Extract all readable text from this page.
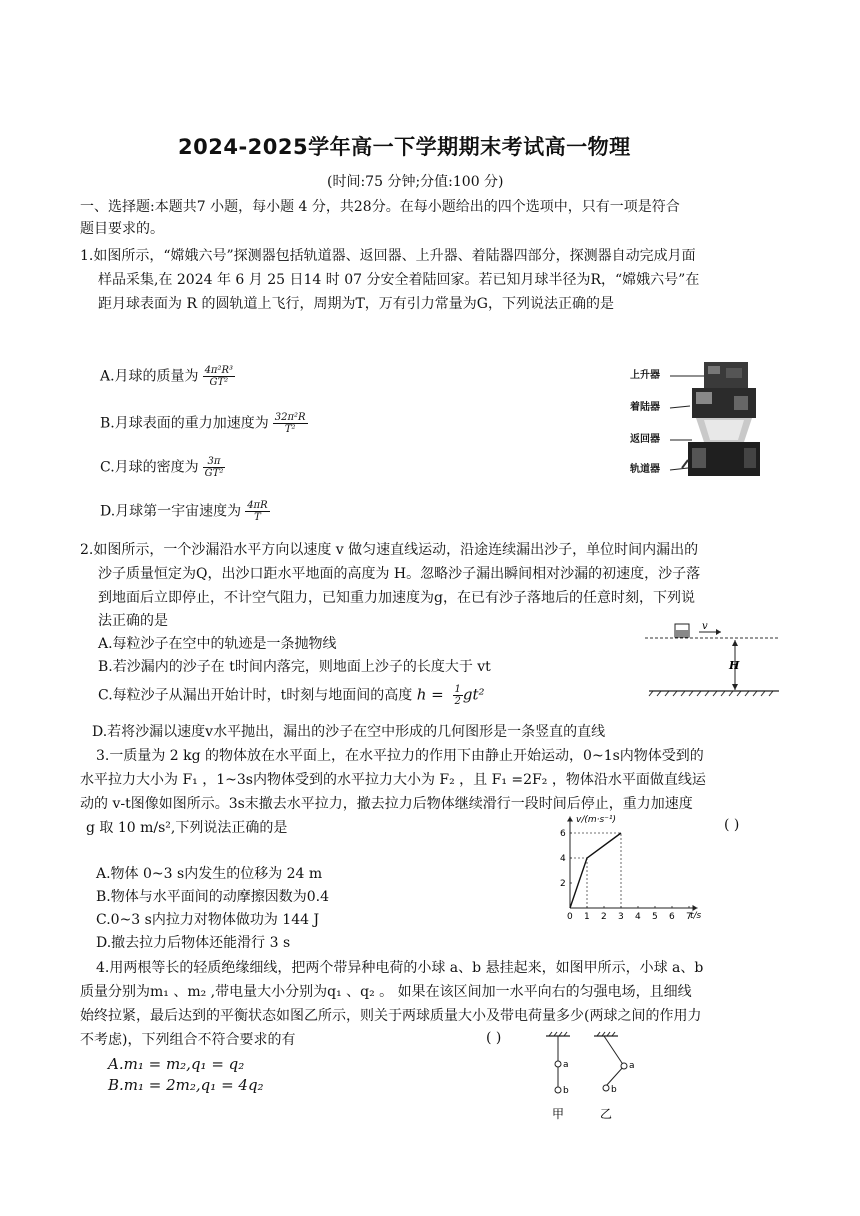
2024-2025学年高一下学期期末考试高一物理
(时间:75 分钟;分值:100 分)
一、选择题:本题共7 小题，每小题 4 分，共28分。在每小题给出的四个选项中，只有一项是符合
题目要求的。
1.如图所示，“嫦娥六号”探测器包括轨道器、返回器、上升器、着陆器四部分，探测器自动完成月面
样品采集,在 2024 年 6 月 25 日14 时 07 分安全着陆回家。若已知月球半径为R，“嫦娥六号”在
距月球表面为 R 的圆轨道上飞行，周期为T，万有引力常量为G，下列说法正确的是
A.月球的质量为 $\frac{\text{4π²R³}}{\text{GT²}}$
B.月球表面的重力加速度为 $\frac{\text{32π²R}}{\text{T²}}$
C.月球的密度为 $\frac{3\pi}{\text{GT²}}$
D.月球第一宇宙速度为 $\frac{4\pi R}{T}$
上升器
着陆器
返回器
轨道器
2.如图所示，一个沙漏沿水平方向以速度 v 做匀速直线运动，沿途连续漏出沙子，单位时间内漏出的
沙子质量恒定为Q，出沙口距水平地面的高度为 H。忽略沙子漏出瞬间相对沙漏的初速度，沙子落
到地面后立即停止，不计空气阻力，已知重力加速度为g，在已有沙子落地后的任意时刻，下列说
法正确的是
A.每粒沙子在空中的轨迹是一条抛物线
B.若沙漏内的沙子在 t时间内落完，则地面上沙子的长度大于 vt
C.每粒沙子从漏出开始计时，t时刻与地面间的高度 $h = \frac{1}{2} gt^2$
D.若将沙漏以速度v水平抛出，漏出的沙子在空中形成的几何图形是一条竖直的直线
v
H
3.一质量为 2 kg 的物体放在水平面上，在水平拉力的作用下由静止开始运动，0~1s内物体受到的
水平拉力大小为 F₁ ，1~3s内物体受到的水平拉力大小为 F₂ ，且 F₁ =2F₂ ，物体沿水平面做直线运
动的 v-t图像如图所示。3s末撤去水平拉力，撤去拉力后物体继续滑行一段时间后停止，重力加速度
g 取 10 m/s²,下列说法正确的是	( )
A.物体 0~3 s内发生的位移为 24 m
B.物体与水平面间的动摩擦因数为0.4
C.0~3 s内拉力对物体做功为 144 J
D.撤去拉力后物体还能滑行 3 s
0 1 2 3 4 5 6 7
2
4
6
v/(m·s⁻¹)
t/s
4.用两根等长的轻质绝缘细线，把两个带异种电荷的小球 a、b 悬挂起来，如图甲所示，小球 a、b
质量分别为m₁ 、m₂ ,带电量大小分别为q₁ 、q₂ 。 如果在该区间加一水平向右的匀强电场，且细线
始终拉紧，最后达到的平衡状态如图乙所示，则关于两球质量大小及带电荷量多少(两球之间的作用力
不考虑)，下列组合不符合要求的有	( )
A.m₁ = m₂,q₁ = q₂
B.m₁ = 2m₂,q₁ = 4q₂
a
b
甲
a
b
乙
